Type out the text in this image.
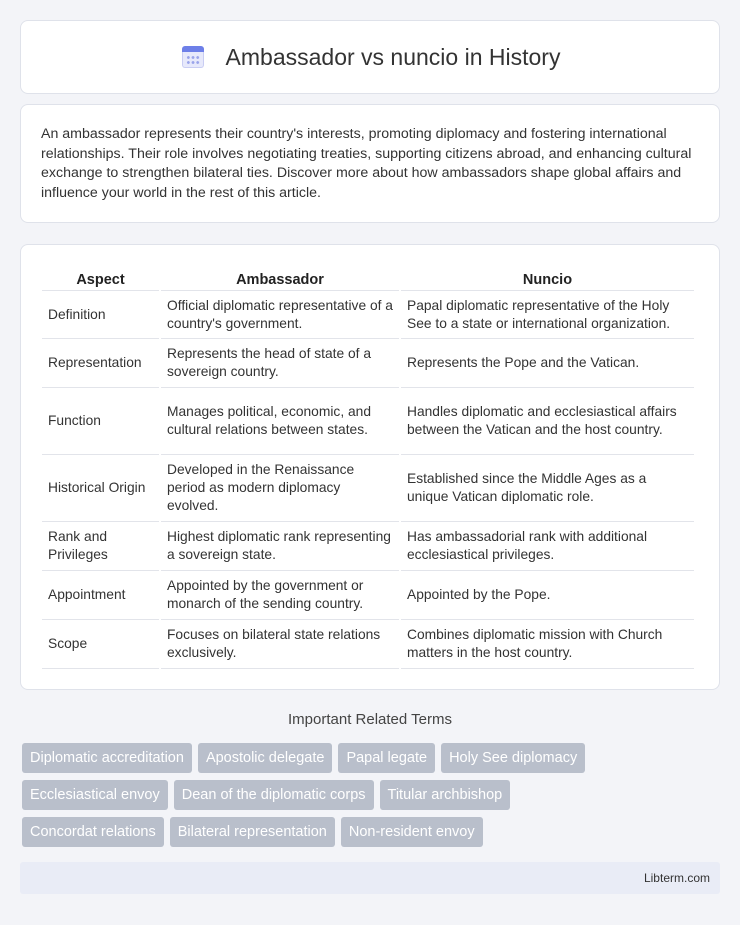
Ambassador vs nuncio in History

An ambassador represents their country's interests, promoting diplomacy and fostering international relationships. Their role involves negotiating treaties, supporting citizens abroad, and enhancing cultural exchange to strengthen bilateral ties. Discover more about how ambassadors shape global affairs and influence your world in the rest of this article.

Aspect	Ambassador	Nuncio
Definition	Official diplomatic representative of a country's government.	Papal diplomatic representative of the Holy See to a state or international organization.
Representation	Represents the head of state of a sovereign country.	Represents the Pope and the Vatican.
Function	Manages political, economic, and cultural relations between states.	Handles diplomatic and ecclesiastical affairs between the Vatican and the host country.
Historical Origin	Developed in the Renaissance period as modern diplomacy evolved.	Established since the Middle Ages as a unique Vatican diplomatic role.
Rank and Privileges	Highest diplomatic rank representing a sovereign state.	Has ambassadorial rank with additional ecclesiastical privileges.
Appointment	Appointed by the government or monarch of the sending country.	Appointed by the Pope.
Scope	Focuses on bilateral state relations exclusively.	Combines diplomatic mission with Church matters in the host country.
Important Related Terms
Diplomatic accreditation	Apostolic delegate	Papal legate	Holy See diplomacy
Ecclesiastical envoy	Dean of the diplomatic corps	Titular archbishop
Concordat relations	Bilateral representation	Non-resident envoy
Libterm.com
